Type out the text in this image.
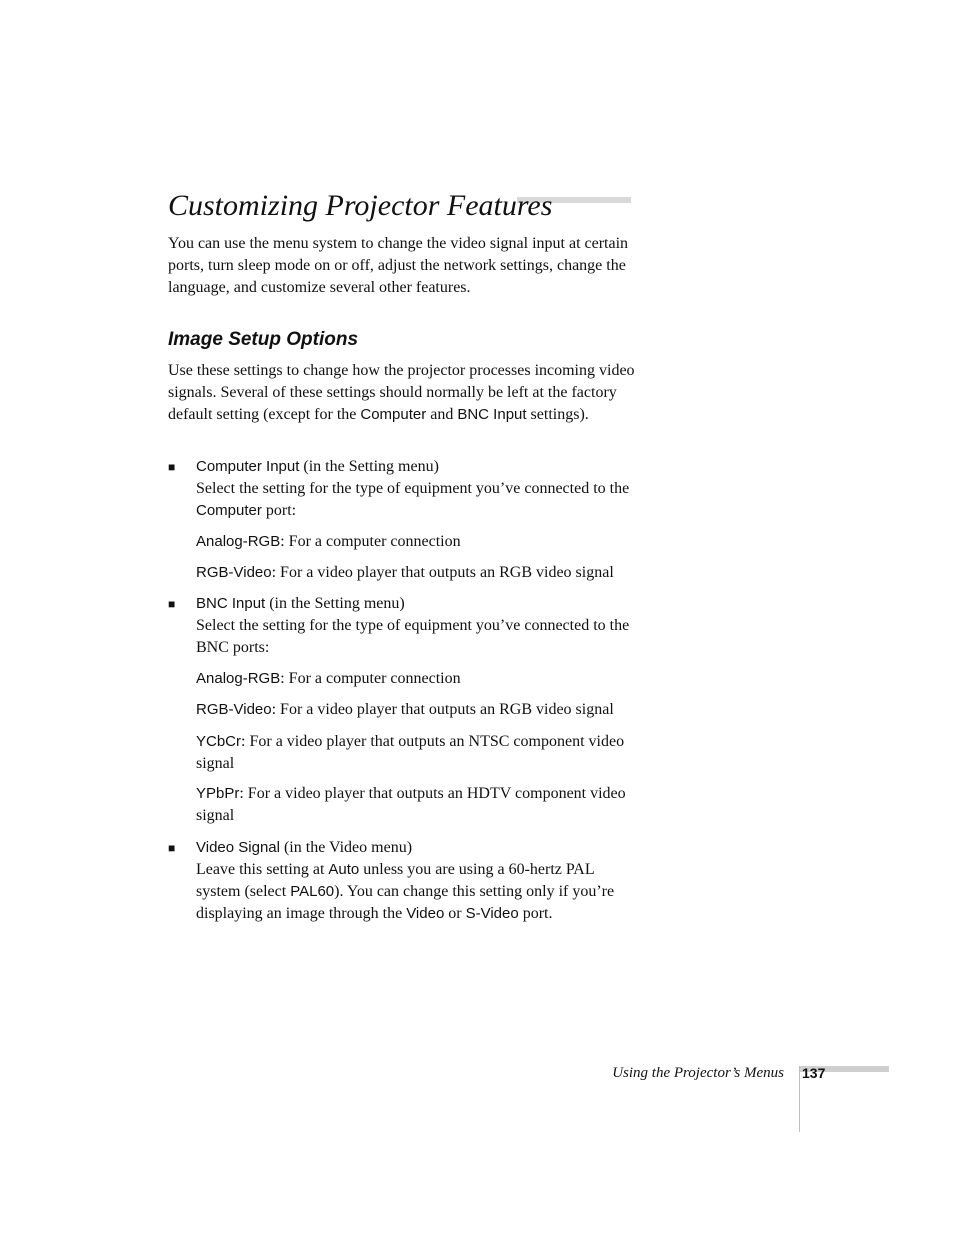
Customizing Projector Features

You can use the menu system to change the video signal input at certain ports, turn sleep mode on or off, adjust the network settings, change the language, and customize several other features.

Image Setup Options

Use these settings to change how the projector processes incoming video signals. Several of these settings should normally be left at the factory default setting (except for the Computer and BNC Input settings).

■ Computer Input (in the Setting menu)
Select the setting for the type of equipment you’ve connected to the Computer port:

Analog-RGB: For a computer connection

RGB-Video: For a video player that outputs an RGB video signal

■ BNC Input (in the Setting menu)
Select the setting for the type of equipment you’ve connected to the BNC ports:

Analog-RGB: For a computer connection

RGB-Video: For a video player that outputs an RGB video signal

YCbCr: For a video player that outputs an NTSC component video signal

YPbPr: For a video player that outputs an HDTV component video signal

■ Video Signal (in the Video menu)
Leave this setting at Auto unless you are using a 60-hertz PAL system (select PAL60). You can change this setting only if you’re displaying an image through the Video or S-Video port.

Using the Projector’s Menus 137
